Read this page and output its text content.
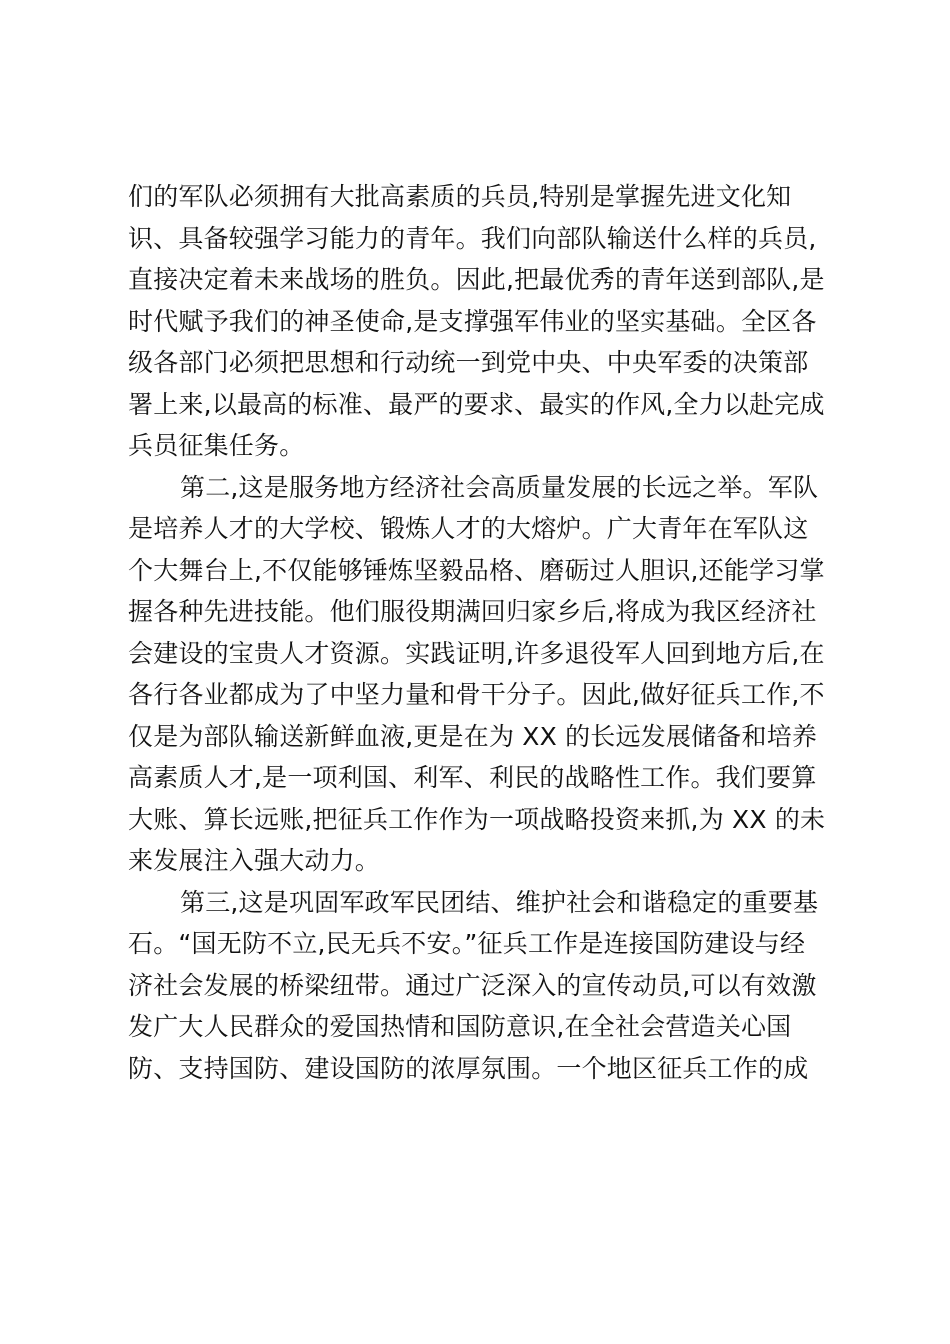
们的军队必须拥有大批高素质的兵员,特别是掌握先进文化知
识、具备较强学习能力的青年。我们向部队输送什么样的兵员,
直接决定着未来战场的胜负。因此,把最优秀的青年送到部队,是
时代赋予我们的神圣使命,是支撑强军伟业的坚实基础。全区各
级各部门必须把思想和行动统一到党中央、中央军委的决策部
署上来,以最高的标准、最严的要求、最实的作风,全力以赴完成
兵员征集任务。
第二,这是服务地方经济社会高质量发展的长远之举。军队
是培养人才的大学校、锻炼人才的大熔炉。广大青年在军队这
个大舞台上,不仅能够锤炼坚毅品格、磨砺过人胆识,还能学习掌
握各种先进技能。他们服役期满回归家乡后,将成为我区经济社
会建设的宝贵人才资源。实践证明,许多退役军人回到地方后,在
各行各业都成为了中坚力量和骨干分子。因此,做好征兵工作,不
仅是为部队输送新鲜血液,更是在为 XX 的长远发展储备和培养
高素质人才,是一项利国、利军、利民的战略性工作。我们要算
大账、算长远账,把征兵工作作为一项战略投资来抓,为 XX 的未
来发展注入强大动力。
第三,这是巩固军政军民团结、维护社会和谐稳定的重要基
石。“国无防不立,民无兵不安。”征兵工作是连接国防建设与经
济社会发展的桥梁纽带。通过广泛深入的宣传动员,可以有效激
发广大人民群众的爱国热情和国防意识,在全社会营造关心国
防、支持国防、建设国防的浓厚氛围。一个地区征兵工作的成
